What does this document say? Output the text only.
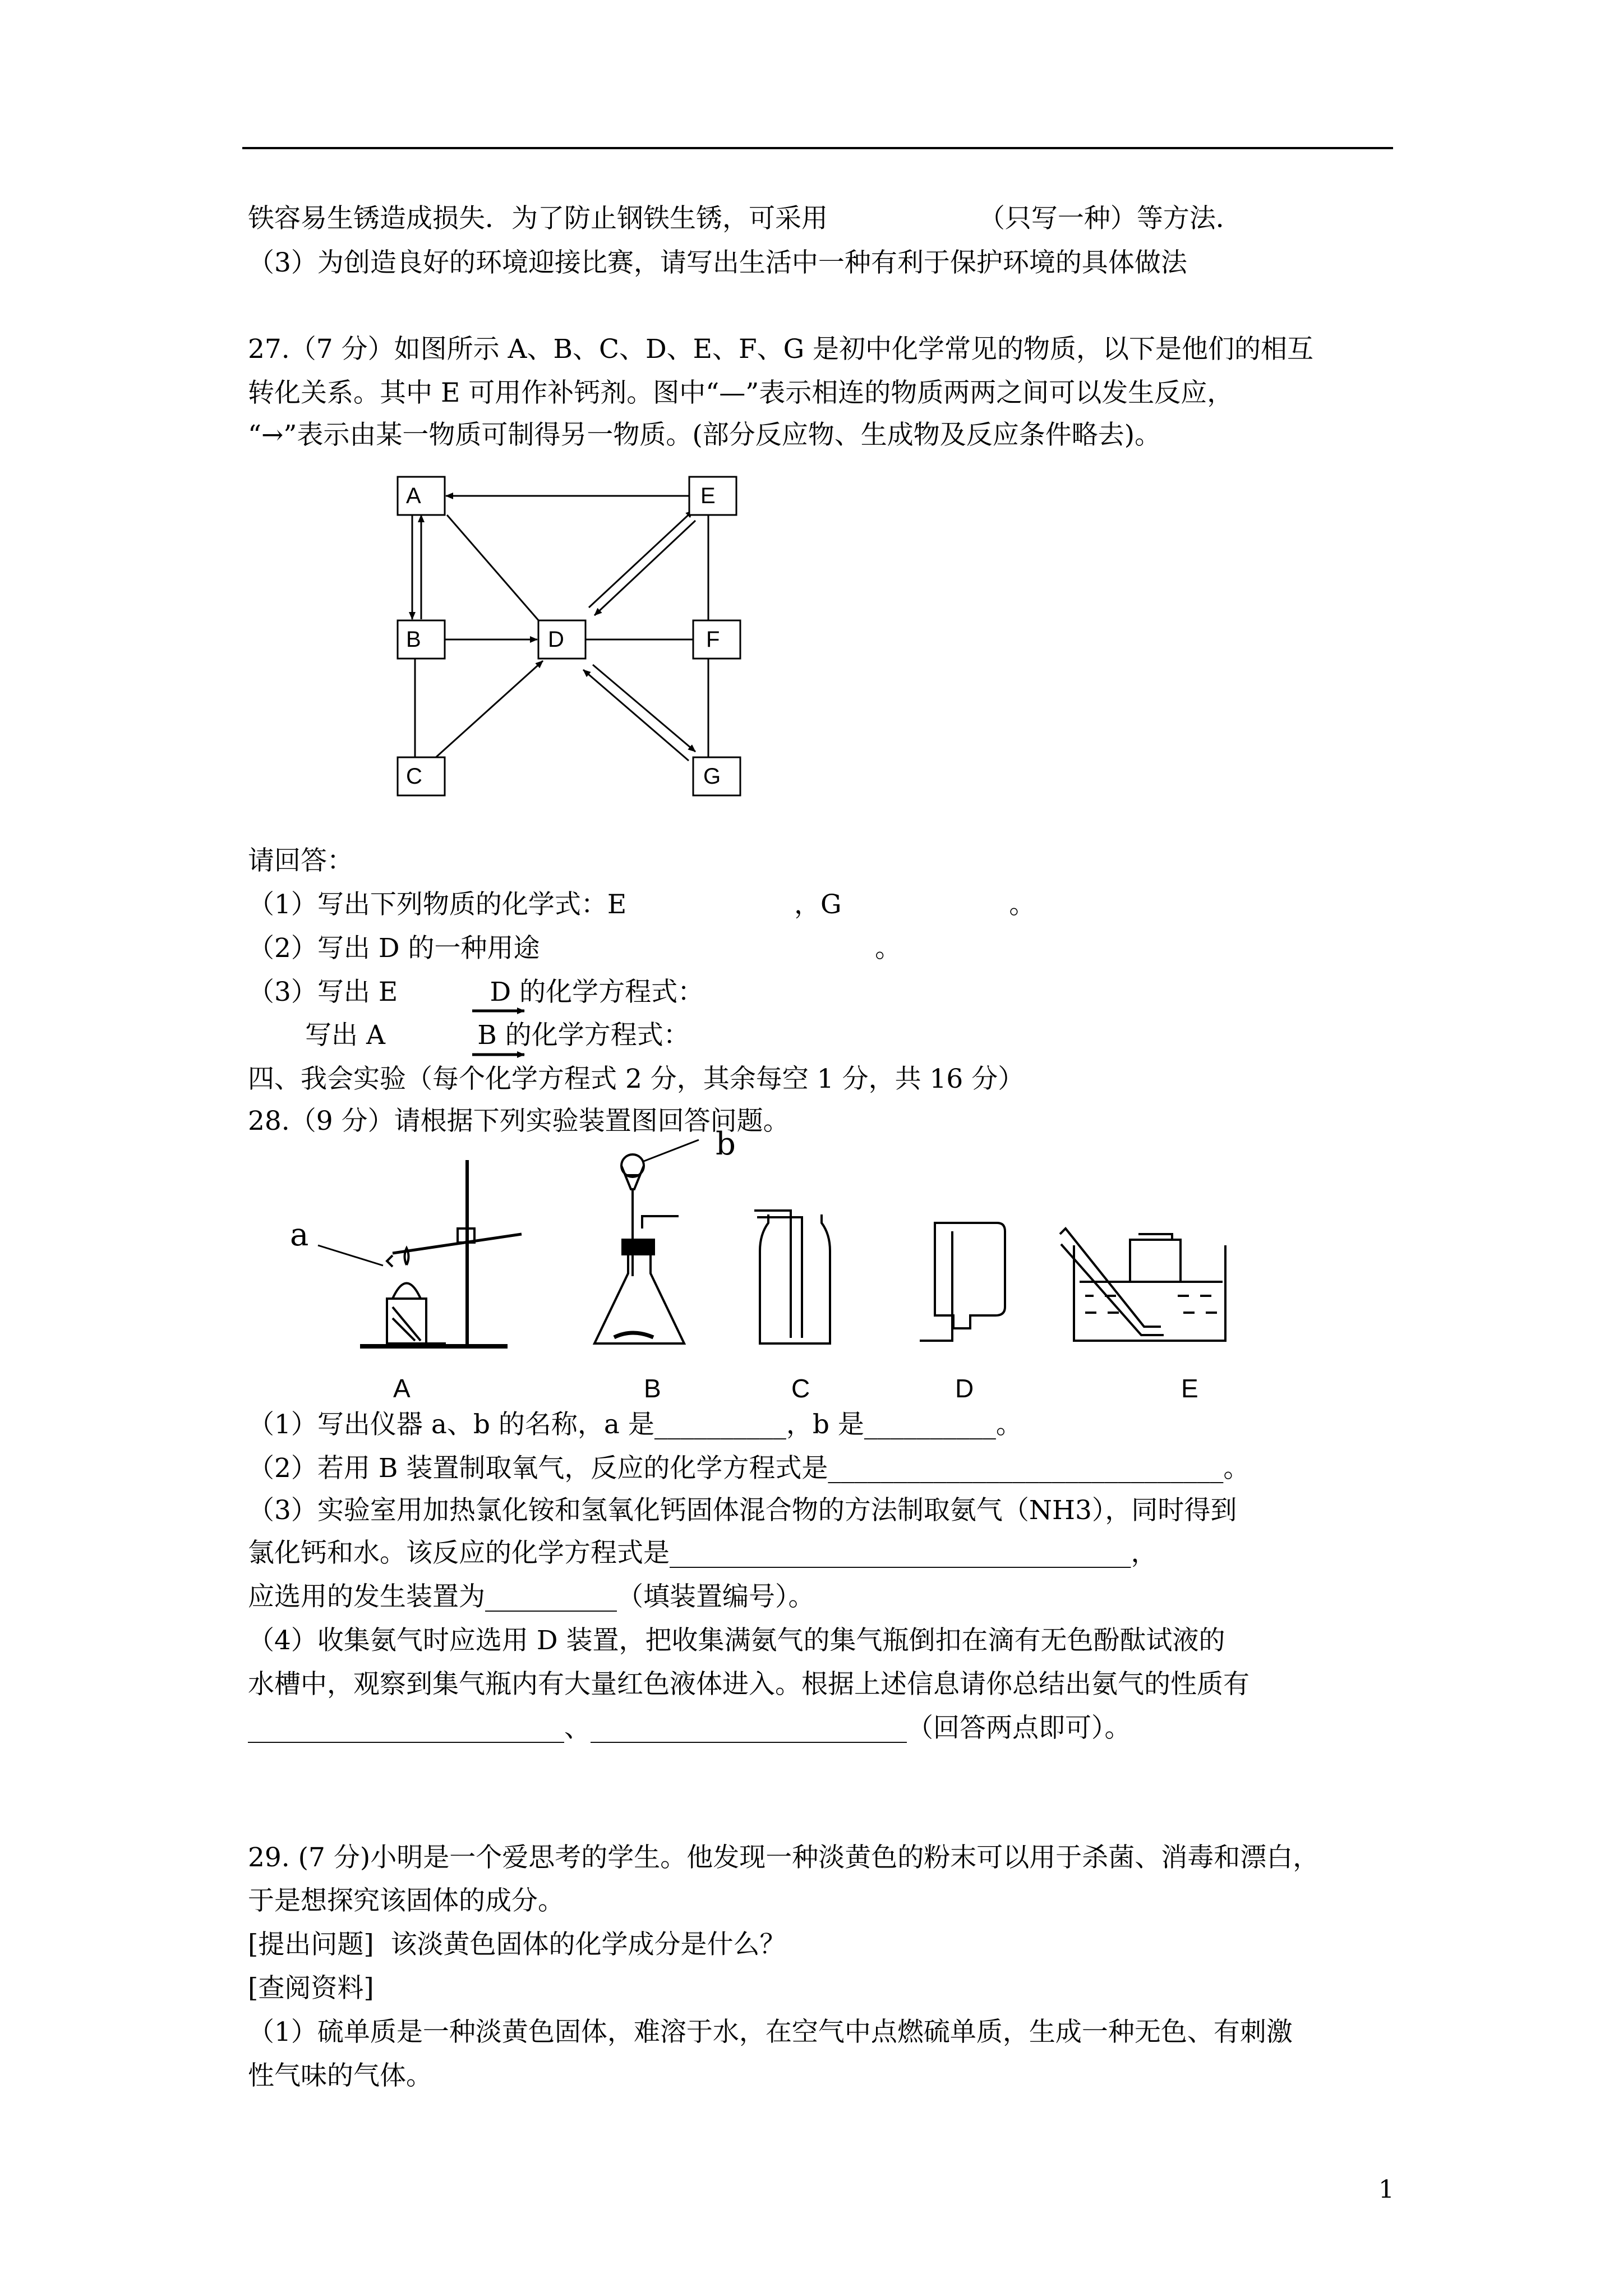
铁容易生锈造成损失．为了防止钢铁生锈，可采用                  （只写一种）等方法．
（3）为创造良好的环境迎接比赛，请写出生活中一种有利于保护环境的具体做法
27.（7 分）如图所示 A、B、C、D、E、F、G 是初中化学常见的物质，以下是他们的相互
转化关系。其中 E 可用作补钙剂。图中“—”表示相连的物质两两之间可以发生反应，
“→”表示由某一物质可制得另一物质。(部分反应物、生成物及反应条件略去)。
A	E
B	D	F
C	G
请回答：
（1）写出下列物质的化学式：E                    ，G                    。
（2）写出 D 的一种用途                                        。
（3）写出 E           D 的化学方程式：
写出 A           B 的化学方程式：
四、我会实验（每个化学方程式 2 分，其余每空 1 分，共 16 分）
28.（9 分）请根据下列实验装置图回答问题。
a
b
A	B	C	D	E
（1）写出仪器 a、b 的名称，a 是__________，b 是__________。
（2）若用 B 装置制取氧气，反应的化学方程式是______________________________。
（3）实验室用加热氯化铵和氢氧化钙固体混合物的方法制取氨气（NH3），同时得到
氯化钙和水。该反应的化学方程式是___________________________________，
应选用的发生装置为__________（填装置编号）。
（4）收集氨气时应选用 D 装置，把收集满氨气的集气瓶倒扣在滴有无色酚酞试液的
水槽中，观察到集气瓶内有大量红色液体进入。根据上述信息请你总结出氨气的性质有
________________________、________________________（回答两点即可）。
29. (7 分)小明是一个爱思考的学生。他发现一种淡黄色的粉末可以用于杀菌、消毒和漂白，
于是想探究该固体的成分。
[提出问题]  该淡黄色固体的化学成分是什么？
[查阅资料]
（1）硫单质是一种淡黄色固体，难溶于水，在空气中点燃硫单质，生成一种无色、有刺激
性气味的气体。
1
